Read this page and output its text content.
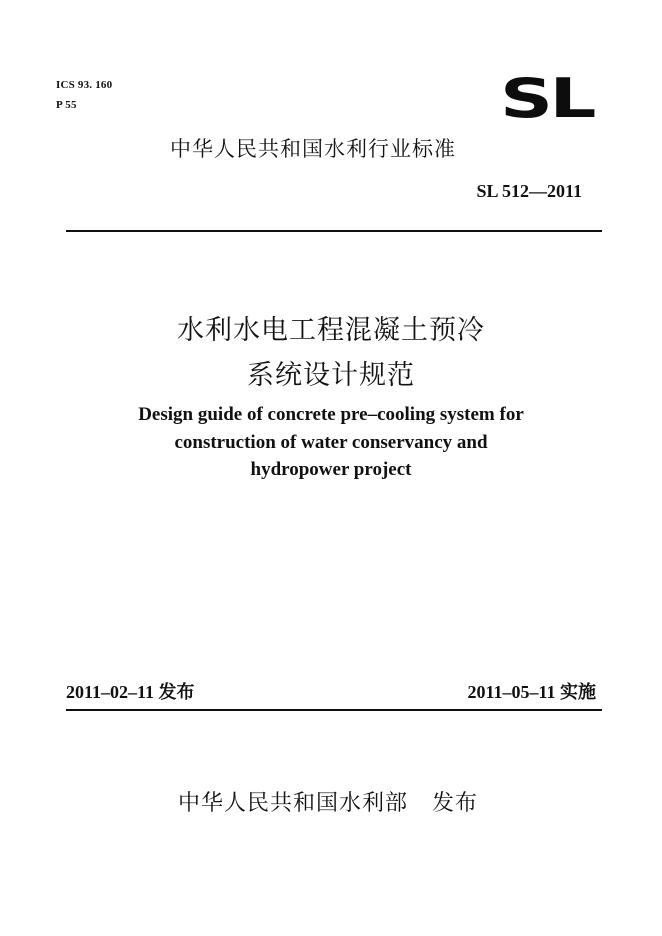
ICS 93. 160
P 55	SL
中华人民共和国水利行业标准
SL 512—2011
水利水电工程混凝土预冷
系统设计规范
Design guide of concrete pre–cooling system for
construction of water conservancy and
hydropower project
2011–02–11 发布	2011–05–11 实施
中华人民共和国水利部   发布
